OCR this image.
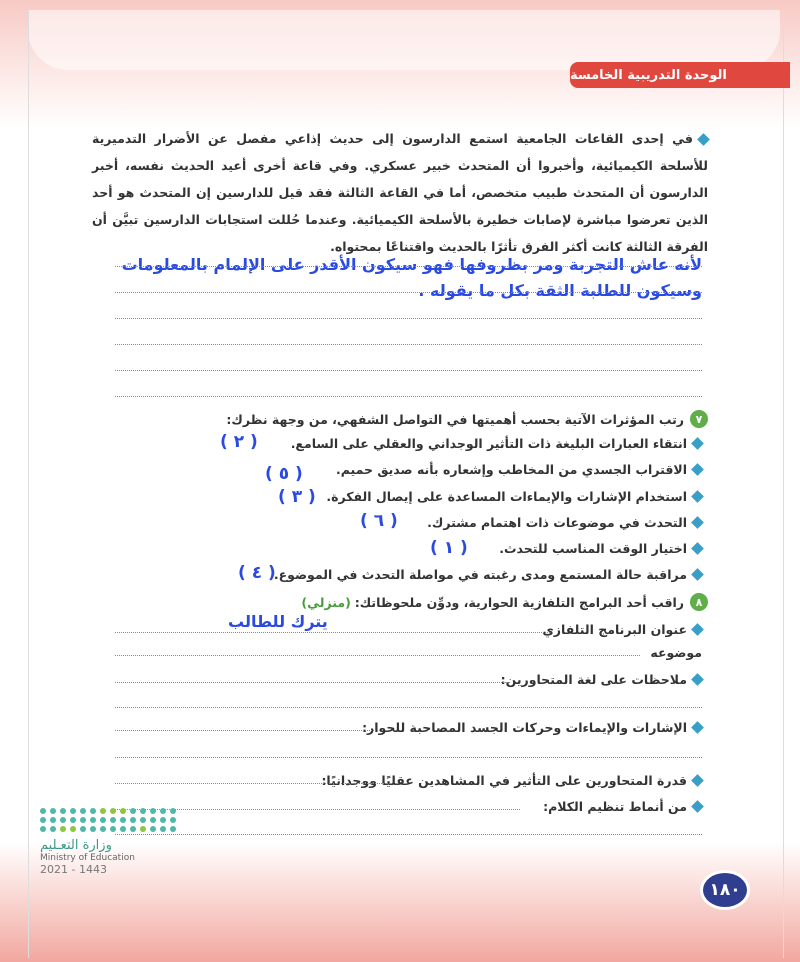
الوحدة التدريبية الخامسة

في إحدى القاعات الجامعية استمع الدارسون إلى حديث إذاعي مفصل عن الأضرار التدميرية للأسلحة الكيميائية، وأخبروا أن المتحدث خبير عسكري. وفي قاعة أخرى أعيد الحديث نفسه، أخبر الدارسون أن المتحدث طبيب متخصص، أما في القاعة الثالثة فقد قيل للدارسين إن المتحدث هو أحد الذين تعرضوا مباشرة لإصابات خطيرة بالأسلحة الكيميائية. وعندما حُللت استجابات الدارسين تبيَّن أن الفرقة الثالثة كانت أكثر الفرق تأثرًا بالحديث واقتناعًا بمحتواه.

لأنه عاش التجربة ومر بظروفها فهو سيكون الأقدر على الإلمام بالمعلومات
وسيكون للطلبة الثقة بكل ما يقوله .
٧
رتب المؤثرات الآتية بحسب أهميتها في التواصل الشفهي، من وجهة نظرك:
انتقاء العبارات البليغة ذات التأثير الوجداني والعقلي على السامع.
( ٢ )
الاقتراب الجسدي من المخاطب وإشعاره بأنه صديق حميم.
( ٥ )
استخدام الإشارات والإيماءات المساعدة على إيصال الفكرة.
( ٣ )
التحدث في موضوعات ذات اهتمام مشترك.
( ٦ )
اختيار الوقت المناسب للتحدث.
( ١ )
مراقبة حالة المستمع ومدى رغبته في مواصلة التحدث في الموضوع.
( ٤ )
٨
راقب أحد البرامج التلفازية الحوارية، ودوِّن ملحوظاتك:
(منزلي)
يترك للطالب	عنوان البرنامج التلفازي
موضوعه
ملاحظات على لغة المتحاورين:
الإشارات والإيماءات وحركات الجسد المصاحبة للحوار:
قدرة المتحاورين على التأثير في المشاهدين عقليًا ووجدانيًا:
من أنماط تنظيم الكلام:
وزارة التعـليم
Ministry of Education
2021 - 1443
١٨٠
